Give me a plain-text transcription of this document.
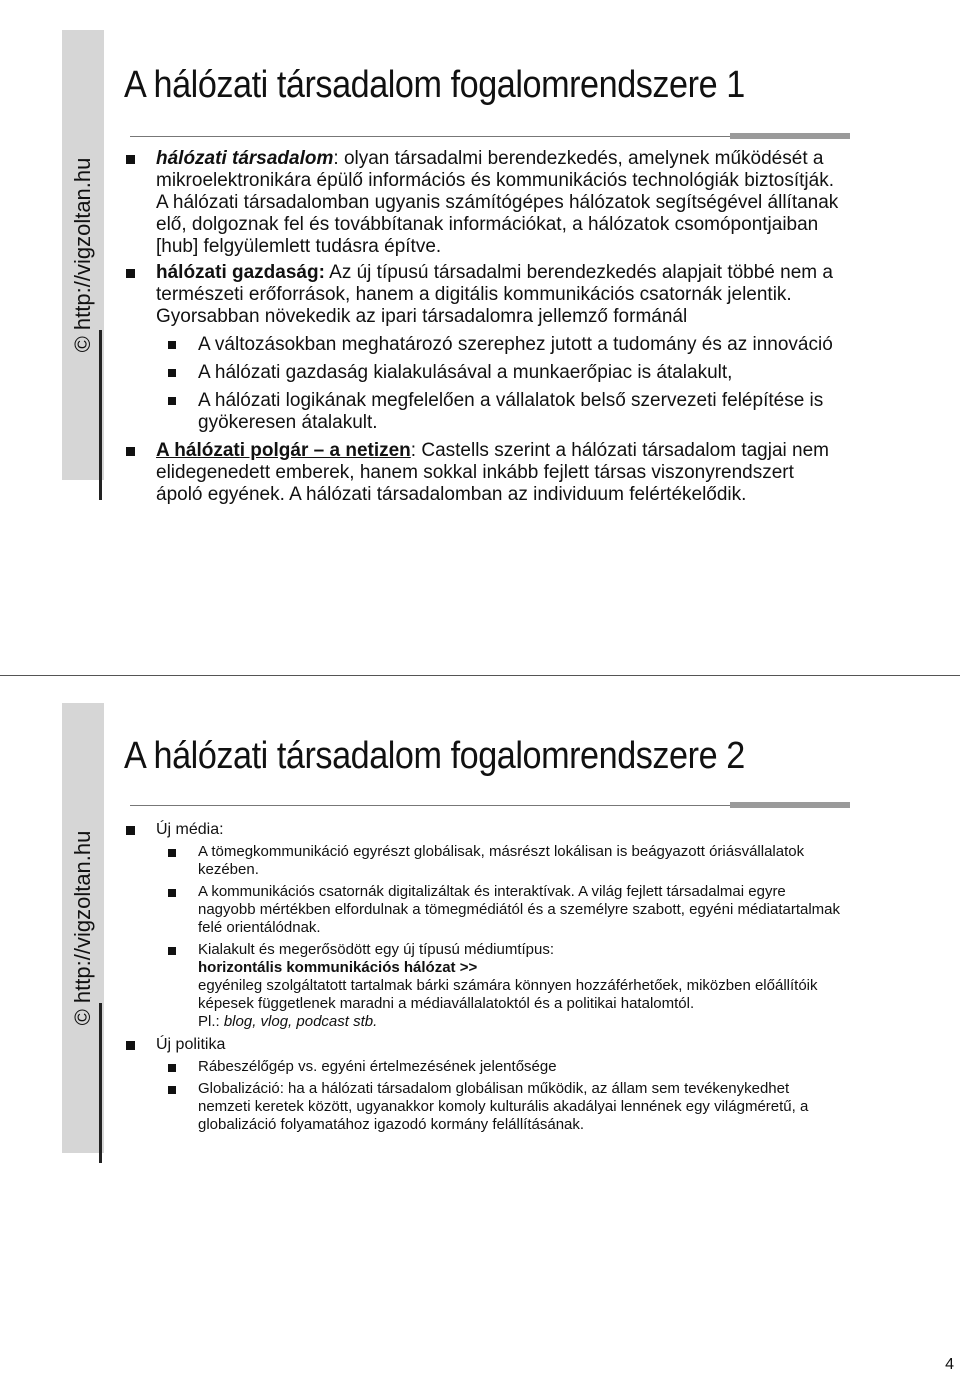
© http://vigzoltan.hu
A hálózati társadalom fogalomrendszere 1
hálózati társadalom: olyan társadalmi berendezkedés, amelynek működését a mikroelektronikára épülő információs és kommunikációs technológiák biztosítják. A hálózati társadalomban ugyanis számítógépes hálózatok segítségével állítanak elő, dolgoznak fel és továbbítanak információkat, a hálózatok csomópontjaiban [hub] felgyülemlett tudásra építve.
hálózati gazdaság: Az új típusú társadalmi berendezkedés alapjait többé nem a természeti erőforrások, hanem a digitális kommunikációs csatornák jelentik. Gyorsabban növekedik az ipari társadalomra jellemző formánál
A változásokban meghatározó szerephez jutott a tudomány és az innováció
A hálózati gazdaság kialakulásával a munkaerőpiac is átalakult,
A hálózati logikának megfelelően a vállalatok belső szervezeti felépítése is gyökeresen átalakult.
A hálózati polgár – a netizen: Castells szerint a hálózati társadalom tagjai nem elidegenedett emberek, hanem sokkal inkább fejlett társas viszonyrendszert ápoló egyének. A hálózati társadalomban az individuum felértékelődik.
© http://vigzoltan.hu
A hálózati társadalom fogalomrendszere 2
Új média:
A tömegkommunikáció egyrészt globálisak, másrészt lokálisan is beágyazott óriásvállalatok kezében.
A kommunikációs csatornák digitalizáltak és interaktívak. A világ fejlett társadalmai egyre nagyobb mértékben elfordulnak a tömegmédiától és a személyre szabott, egyéni médiatartalmak felé orientálódnak.
Kialakult és megerősödött egy új típusú médiumtípus:
horizontális kommunikációs hálózat >>
egyénileg szolgáltatott tartalmak bárki számára könnyen hozzáférhetőek, miközben előállítóik képesek függetlenek maradni a médiavállalatoktól és a politikai hatalomtól.
Pl.: blog, vlog, podcast stb.
Új politika
Rábeszélőgép vs. egyéni értelmezésének jelentősége
Globalizáció: ha a hálózati társadalom globálisan működik, az állam sem tevékenykedhet nemzeti keretek között, ugyanakkor komoly kulturális akadályai lennének egy világméretű, a globalizáció folyamatához igazodó kormány felállításának.
4
